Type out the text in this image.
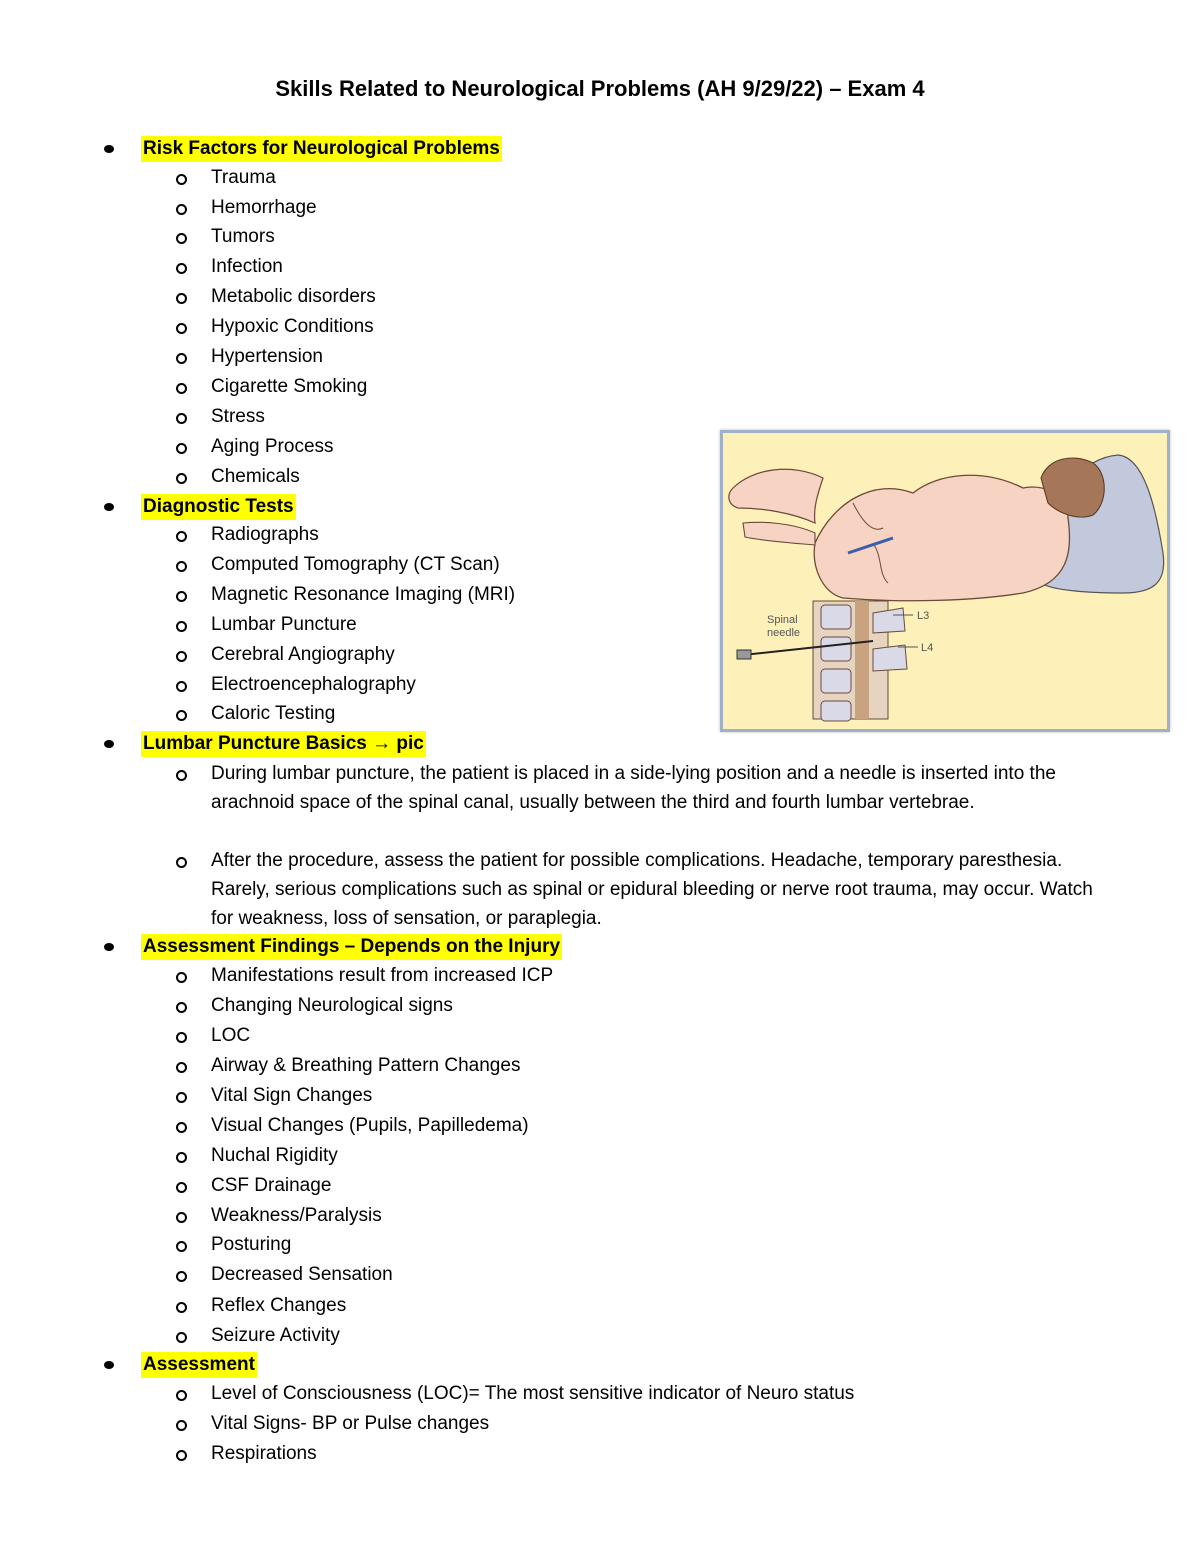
Skills Related to Neurological Problems (AH 9/29/22) – Exam 4
Risk Factors for Neurological Problems
Trauma
Hemorrhage
Tumors
Infection
Metabolic disorders
Hypoxic Conditions
Hypertension
Cigarette Smoking
Stress
Aging Process
Chemicals
Diagnostic Tests
Radiographs
Computed Tomography (CT Scan)
Magnetic Resonance Imaging (MRI)
Lumbar Puncture
Cerebral Angiography
Electroencephalography
Caloric Testing
Lumbar Puncture Basics → pic
During lumbar puncture, the patient is placed in a side-lying position and a needle is inserted into the arachnoid space of the spinal canal, usually between the third and fourth lumbar vertebrae.
After the procedure, assess the patient for possible complications. Headache, temporary paresthesia. Rarely, serious complications such as spinal or epidural bleeding or nerve root trauma, may occur. Watch for weakness, loss of sensation, or paraplegia.
Assessment Findings – Depends on the Injury
Manifestations result from increased ICP
Changing Neurological signs
LOC
Airway & Breathing Pattern Changes
Vital Sign Changes
Visual Changes (Pupils, Papilledema)
Nuchal Rigidity
CSF Drainage
Weakness/Paralysis
Posturing
Decreased Sensation
Reflex Changes
Seizure Activity
Assessment
Level of Consciousness (LOC)= The most sensitive indicator of Neuro status
Vital Signs- BP or Pulse changes
Respirations
Spinal
needle
L3
L4
